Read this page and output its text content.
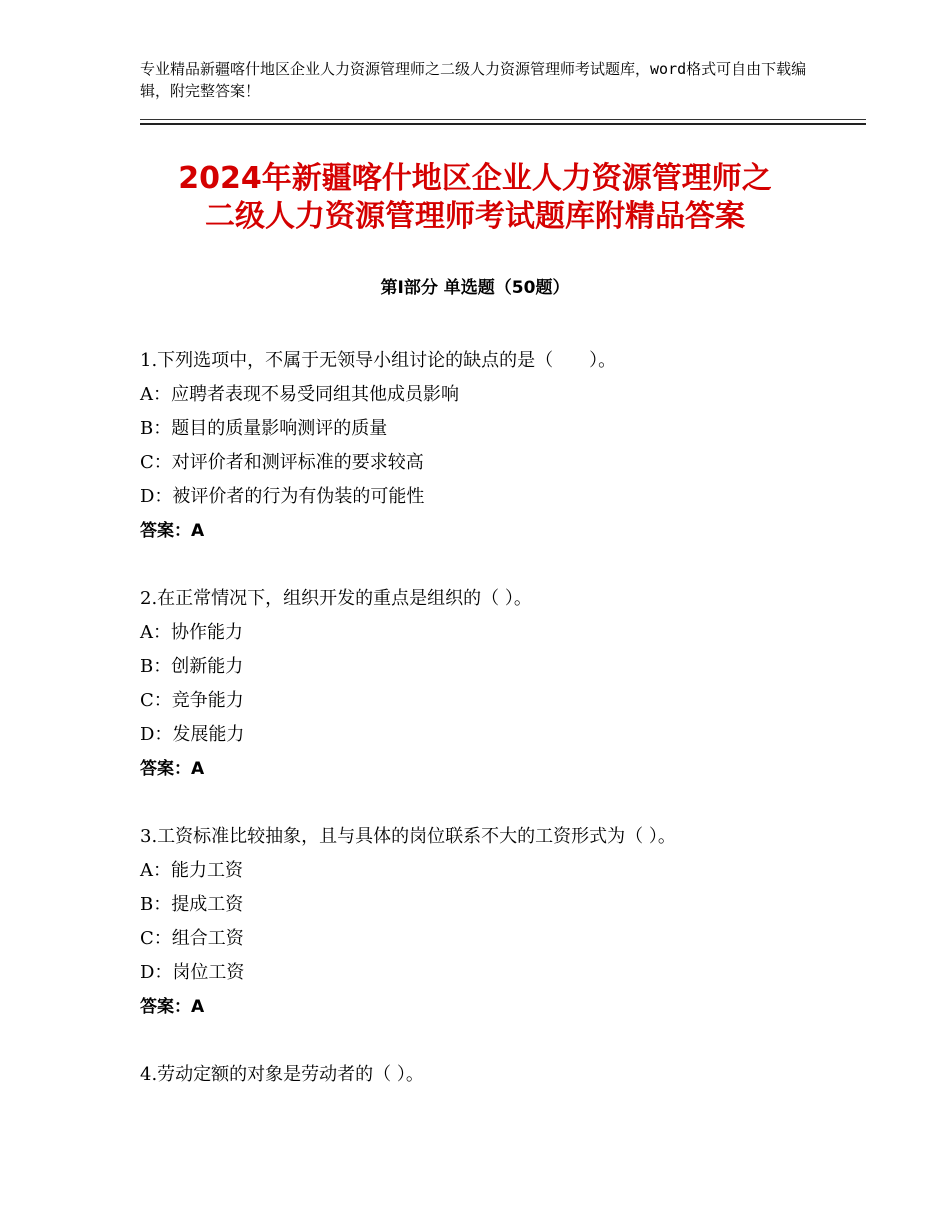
专业精品新疆喀什地区企业人力资源管理师之二级人力资源管理师考试题库，word格式可自由下载编辑，附完整答案！
2024年新疆喀什地区企业人力资源管理师之
二级人力资源管理师考试题库附精品答案
第Ⅰ部分 单选题（50题）
1.下列选项中，不属于无领导小组讨论的缺点的是（　　）。
A：应聘者表现不易受同组其他成员影响
B：题目的质量影响测评的质量
C：对评价者和测评标准的要求较高
D：被评价者的行为有伪装的可能性
答案：A
2.在正常情况下，组织开发的重点是组织的（ ）。
A：协作能力
B：创新能力
C：竞争能力
D：发展能力
答案：A
3.工资标准比较抽象，且与具体的岗位联系不大的工资形式为（ ）。
A：能力工资
B：提成工资
C：组合工资
D：岗位工资
答案：A
4.劳动定额的对象是劳动者的（ ）。
